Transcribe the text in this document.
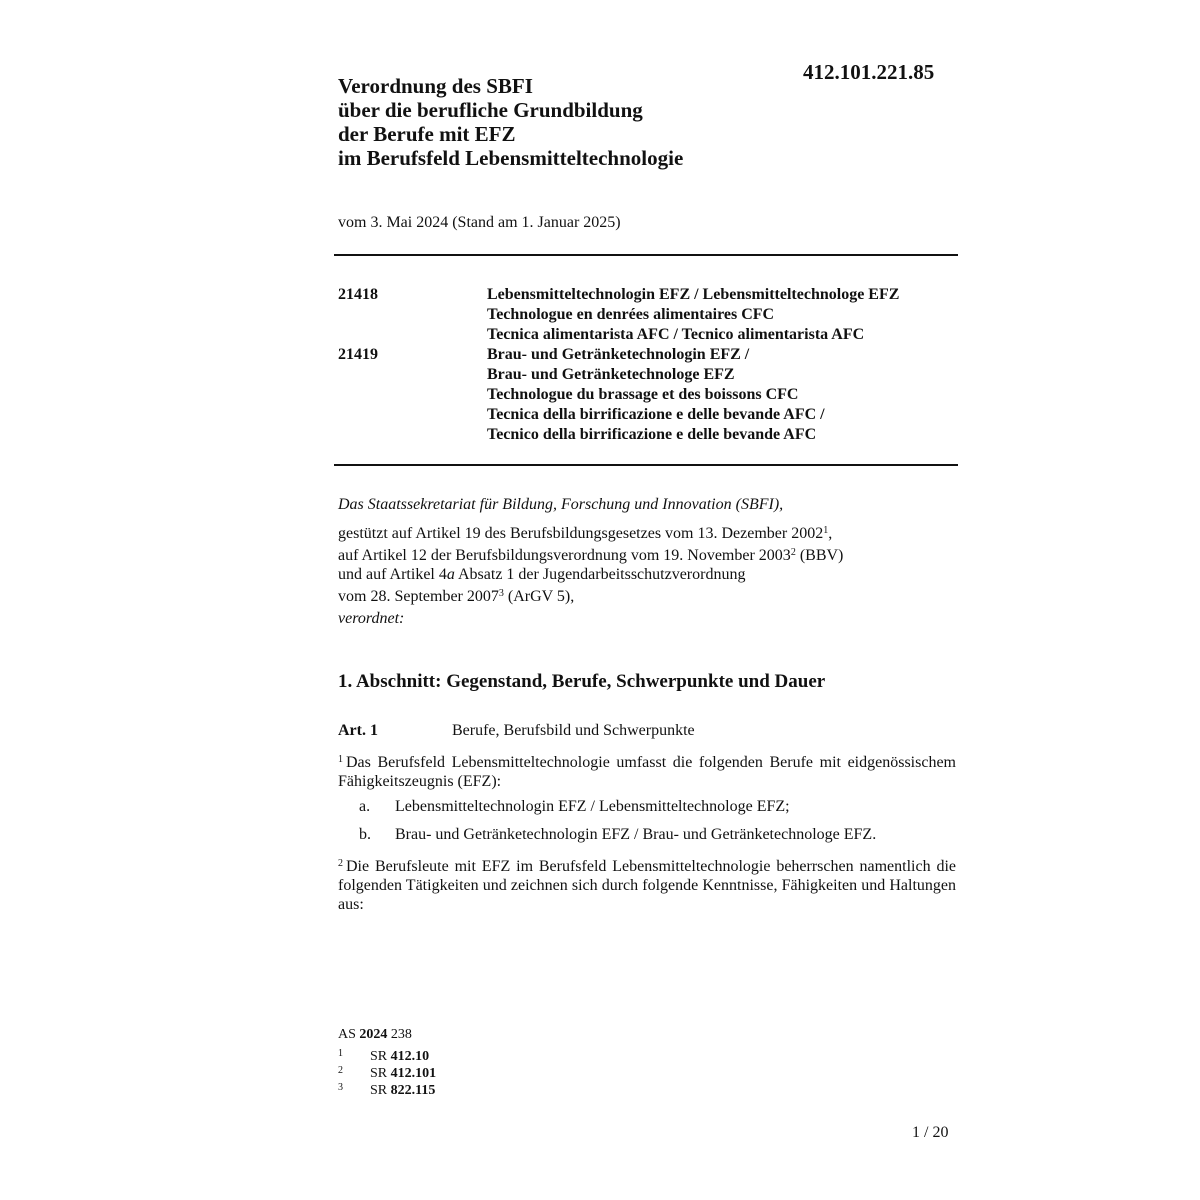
412.101.221.85
Verordnung des SBFI
über die berufliche Grundbildung
der Berufe mit EFZ
im Berufsfeld Lebensmitteltechnologie
vom 3. Mai 2024 (Stand am 1. Januar 2025)
21418	Lebensmitteltechnologin EFZ / Lebensmitteltechnologe EFZ
Technologue en denrées alimentaires CFC
Tecnica alimentarista AFC / Tecnico alimentarista AFC
21419	Brau- und Getränketechnologin EFZ /
Brau- und Getränketechnologe EFZ
Technologue du brassage et des boissons CFC
Tecnica della birrificazione e delle bevande AFC /
Tecnico della birrificazione e delle bevande AFC
Das Staatssekretariat für Bildung, Forschung und Innovation (SBFI),
gestützt auf Artikel 19 des Berufsbildungsgesetzes vom 13. Dezember 2002$^1$,
auf Artikel 12 der Berufsbildungsverordnung vom 19. November 2003$^2$ (BBV)
und auf Artikel 4a Absatz 1 der Jugendarbeitsschutzverordnung
vom 28. September 2007$^3$ (ArGV 5),
verordnet:
1. Abschnitt: Gegenstand, Berufe, Schwerpunkte und Dauer
Art. 1	Berufe, Berufsbild und Schwerpunkte
$^1$ Das Berufsfeld Lebensmitteltechnologie umfasst die folgenden Berufe mit eidgenössischem Fähigkeitszeugnis (EFZ):
a. Lebensmitteltechnologin EFZ / Lebensmitteltechnologe EFZ;
b. Brau- und Getränketechnologin EFZ / Brau- und Getränketechnologe EFZ.
$^2$ Die Berufsleute mit EFZ im Berufsfeld Lebensmitteltechnologie beherrschen namentlich die folgenden Tätigkeiten und zeichnen sich durch folgende Kenntnisse, Fähigkeiten und Haltungen aus:
AS 2024 238
1 SR 412.10
2 SR 412.101
3 SR 822.115
1 / 20
